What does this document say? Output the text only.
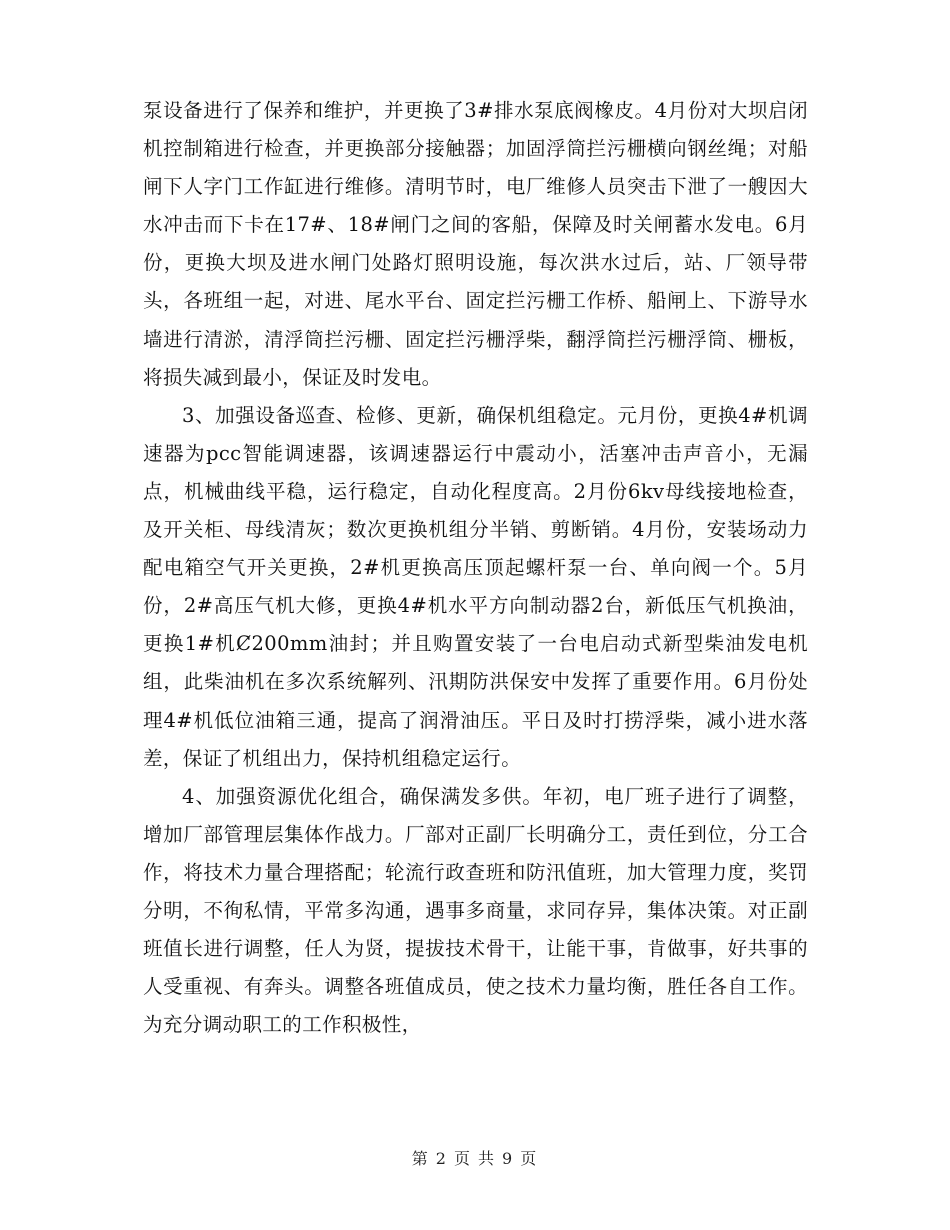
泵设备进行了保养和维护，并更换了3#排水泵底阀橡皮。4月份对大坝启闭机控制箱进行检查，并更换部分接触器；加固浮筒拦污栅横向钢丝绳；对船闸下人字门工作缸进行维修。清明节时，电厂维修人员突击下泄了一艘因大水冲击而下卡在17#、18#闸门之间的客船，保障及时关闸蓄水发电。6月份，更换大坝及进水闸门处路灯照明设施，每次洪水过后，站、厂领导带头，各班组一起，对进、尾水平台、固定拦污栅工作桥、船闸上、下游导水墙进行清淤，清浮筒拦污栅、固定拦污栅浮柴，翻浮筒拦污栅浮筒、栅板，将损失减到最小，保证及时发电。

3、加强设备巡查、检修、更新，确保机组稳定。元月份，更换4#机调速器为pcc智能调速器，该调速器运行中震动小，活塞冲击声音小，无漏点，机械曲线平稳，运行稳定，自动化程度高。2月份6kv母线接地检查，及开关柜、母线清灰；数次更换机组分半销、剪断销。4月份，安装场动力配电箱空气开关更换，2#机更换高压顶起螺杆泵一台、单向阀一个。5月份，2#高压气机大修，更换4#机水平方向制动器2台，新低压气机换油，更换1#机Ȼ200mm油封；并且购置安装了一台电启动式新型柴油发电机组，此柴油机在多次系统解列、汛期防洪保安中发挥了重要作用。6月份处理4#机低位油箱三通，提高了润滑油压。平日及时打捞浮柴，减小进水落差，保证了机组出力，保持机组稳定运行。

4、加强资源优化组合，确保满发多供。年初，电厂班子进行了调整，增加厂部管理层集体作战力。厂部对正副厂长明确分工，责任到位，分工合作，将技术力量合理搭配；轮流行政查班和防汛值班，加大管理力度，奖罚分明，不徇私情，平常多沟通，遇事多商量，求同存异，集体决策。对正副班值长进行调整，任人为贤，提拔技术骨干，让能干事，肯做事，好共事的人受重视、有奔头。调整各班值成员，使之技术力量均衡，胜任各自工作。为充分调动职工的工作积极性，

第 2 页 共 9 页
